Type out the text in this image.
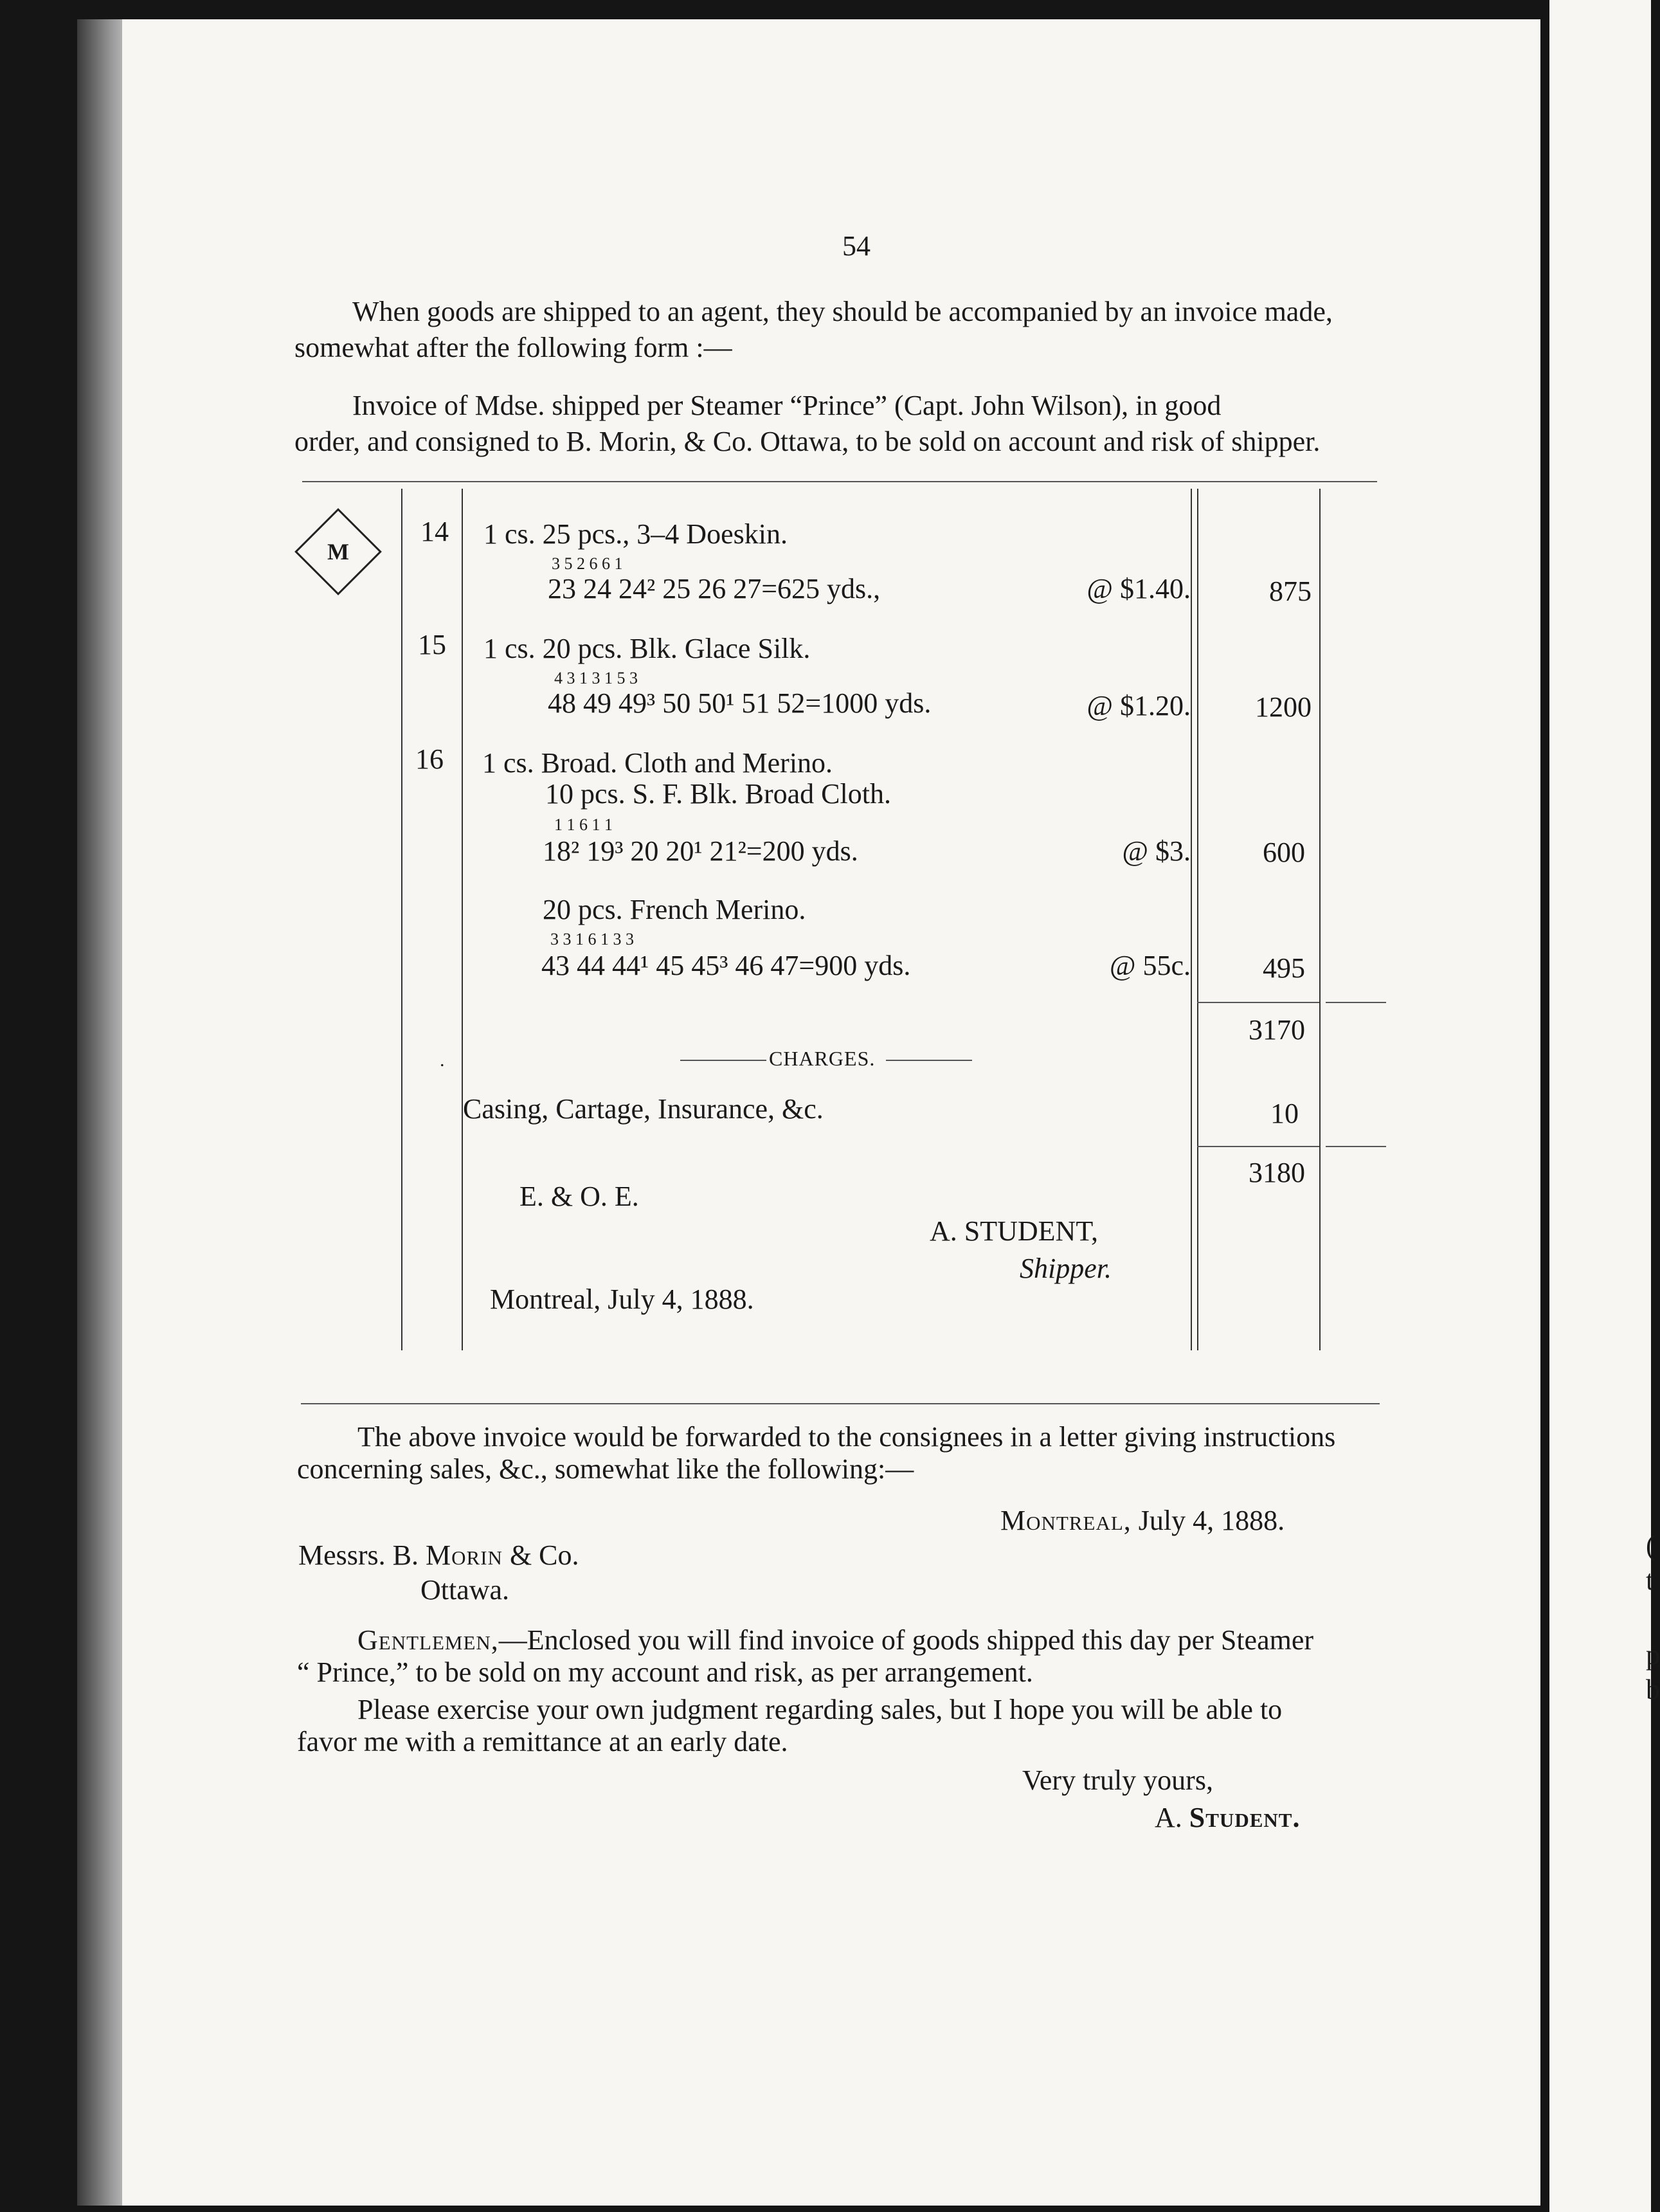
(
t
p
b
54
When goods are shipped to an agent, they should be accompanied by an invoice made,
somewhat after the following form :—
Invoice of Mdse. shipped per Steamer “Prince” (Capt. John Wilson), in good
order, and consigned to B. Morin, & Co. Ottawa, to be sold on account and risk of shipper.
M
14 1 cs. 25 pcs., 3–4 Doeskin.
3 5 2 6 6 1
23 24 24² 25 26 27=625 yds.,	@ $1.40.	875
15 1 cs. 20 pcs. Blk. Glace Silk.
4 3 1 3 1 5 3
48 49 49³ 50 50¹ 51 52=1000 yds.	@ $1.20.	1200
16 1 cs. Broad. Cloth and Merino.
10 pcs. S. F. Blk. Broad Cloth.
1 1 6 1 1
18² 19³ 20 20¹ 21²=200 yds.	@ $3.	600
20 pcs. French Merino.
3 3 1 6 1 3 3
43 44 44¹ 45 45³ 46 47=900 yds.	@ 55c.	495
3170
CHARGES.
.
Casing, Cartage, Insurance, &c.	10
3180
E. & O. E.
A. STUDENT,
Shipper.
Montreal, July 4, 1888.
The above invoice would be forwarded to the consignees in a letter giving instructions
concerning sales, &c., somewhat like the following:—
Montreal, July 4, 1888.
Messrs. B. Morin & Co.
Ottawa.
Gentlemen,—Enclosed you will find invoice of goods shipped this day per Steamer
“ Prince,” to be sold on my account and risk, as per arrangement.
Please exercise your own judgment regarding sales, but I hope you will be able to
favor me with a remittance at an early date.
Very truly yours,
A. Student.
